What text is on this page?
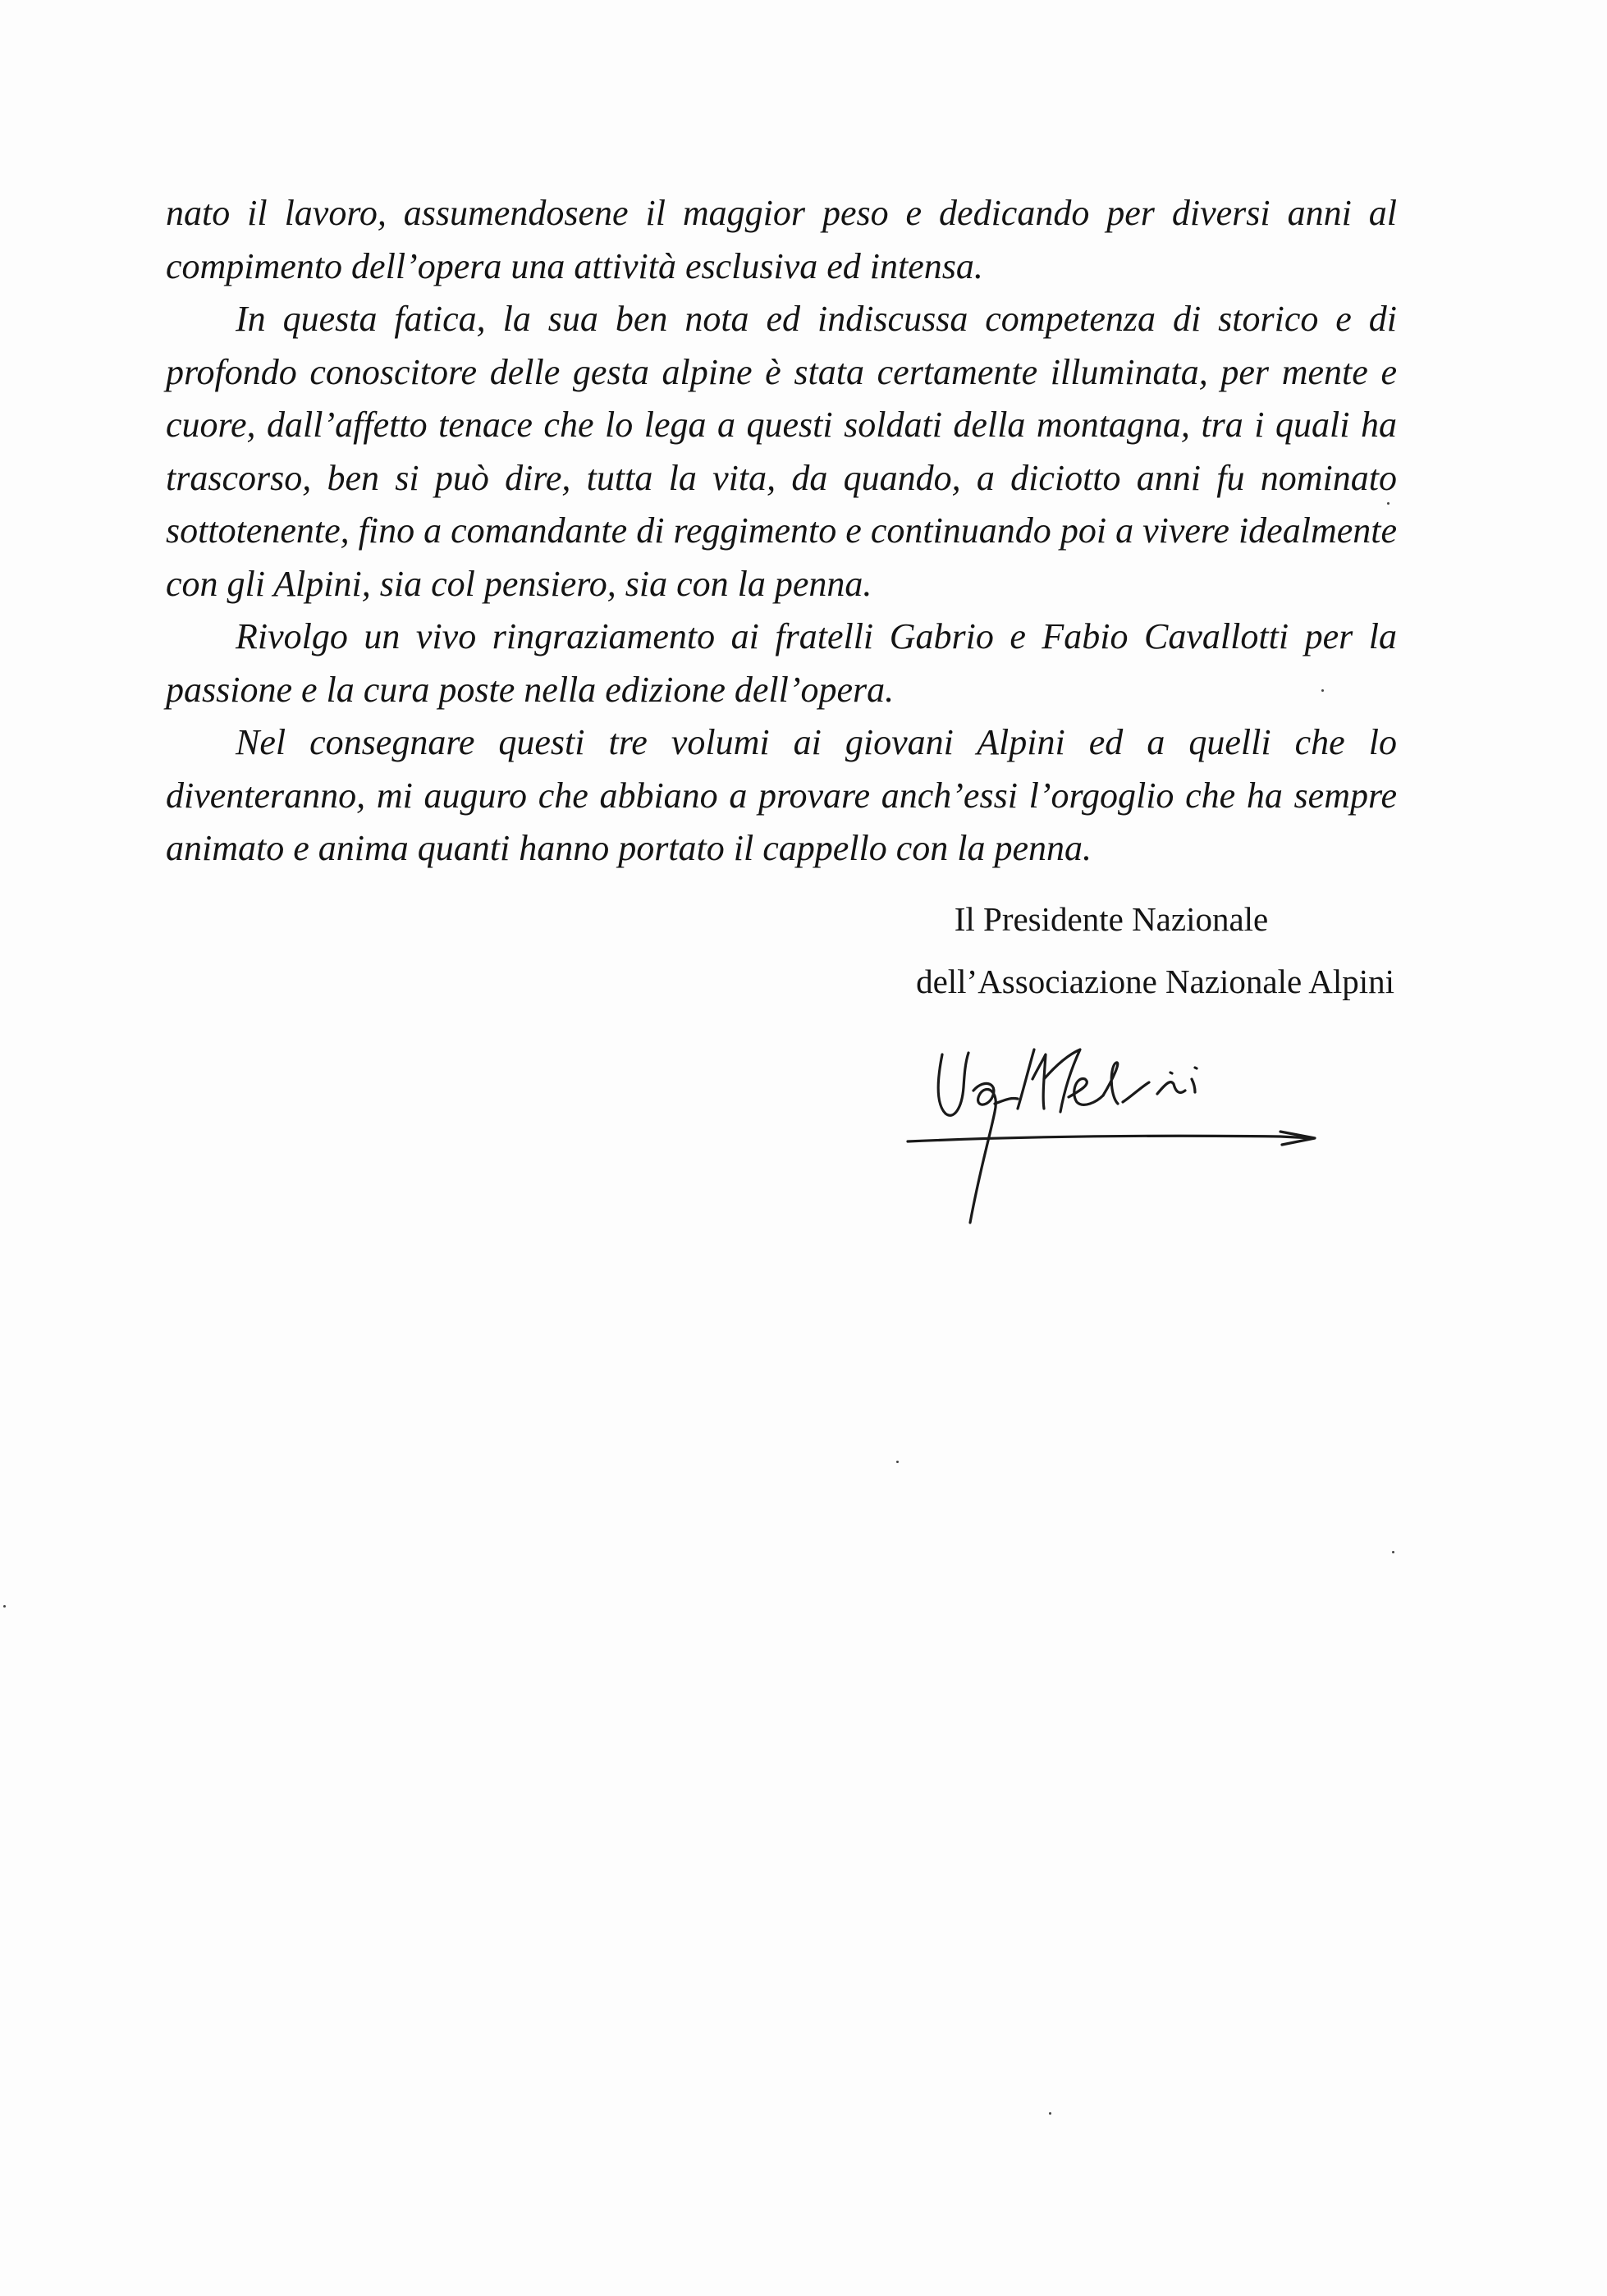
nato il lavoro, assumendosene il maggior peso e dedicando per diversi anni al compimento dell’opera una attività esclusiva ed intensa.

In questa fatica, la sua ben nota ed indiscussa competenza di storico e di profondo conoscitore delle gesta alpine è stata certamente illuminata, per mente e cuore, dall’affetto tenace che lo lega a questi soldati della montagna, tra i quali ha trascorso, ben si può dire, tutta la vita, da quando, a diciotto anni fu nominato sottotenente, fino a comandante di reggimento e continuando poi a vivere idealmente con gli Alpini, sia col pensiero, sia con la penna.

Rivolgo un vivo ringraziamento ai fratelli Gabrio e Fabio Cavallotti per la passione e la cura poste nella edizione dell’opera.

Nel consegnare questi tre volumi ai giovani Alpini ed a quelli che lo diventeranno, mi auguro che abbiano a provare anch’essi l’orgoglio che ha sempre animato e anima quanti hanno portato il cappello con la penna.

Il Presidente Nazionale
dell’Associazione Nazionale Alpini
